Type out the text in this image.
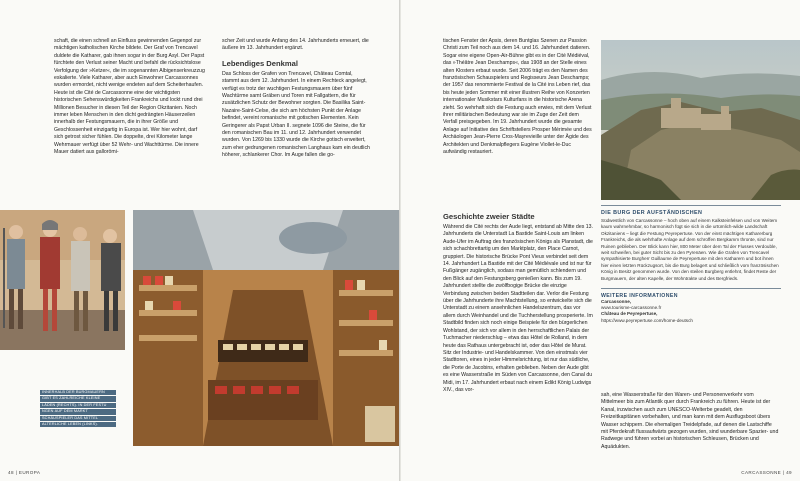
schaft, die einen schnell an Einfluss gewinnenden Gegenpol zur mächtigen katholischen Kirche bildete. Der Graf von Trencavel duldete die Katharer, gab ihnen sogar in der Burg Asyl. Der Papst fürchtete den Verlust seiner Macht und befahl die rücksichtslose Verfolgung der »Ketzer«, die im sogenannten Albigenserkreuzzug eskalierte. Viele Katharer, aber auch Einwohner Carcassonnes wurden ermordet, nicht wenige endeten auf dem Scheiterhaufen. Heute ist die Cité de Carcassonne eine der wichtigsten historischen Sehenswürdigkeiten Frankreichs und lockt rund drei Millionen Besucher in diesen Teil der Region Okzitanien. Noch immer leben Menschen in den dicht gedrängten Häuserzeilen innerhalb der Festungsmauern, die in ihrer Größe und Geschlossenheit einzigartig in Europa ist. Wer hier wohnt, darf sich getrost sicher fühlen. Die doppelte, drei Kilometer lange Wehrmauer verfügt über 52 Wehr- und Wachttürme. Die innere Mauer datiert aus gallorömi-

scher Zeit und wurde Anfang des 14. Jahrhunderts erneuert, die äußere im 13. Jahrhundert ergänzt.

Lebendiges Denkmal

Das Schloss der Grafen von Trencavel, Château Comtal, stammt aus dem 12. Jahrhundert. In einem Rechteck angelegt, verfügt es trotz der wuchtigen Festungsmauern über fünf Wachtürme samt Gräben und Toren mit Fallgattern, die für zusätzlichen Schutz der Bewohner sorgten. Die Basilika Saint-Nazaire-Saint-Celse, die sich am höchsten Punkt der Anlage befindet, vereint romanische mit gotischen Elementen. Kein Geringerer als Papst Urban II. segnete 1096 die Steine, die für den romanischen Bau im 11. und 12. Jahrhundert verwendet wurden. Von 1269 bis 1330 wurde die Kirche gotisch erweitert, zum eher gedrungenen romanischen Langhaus kam ein deutlich höherer, schlankerer Chor. Im Auge fallen die go-

INNERHALB DER BURGMAUERN
GIBT ES ZAHLREICHE KLEINE
LÄDEN (RECHTS). IN DER FESTU
NGEN AUF DEM MARKT
SCHÄUSPIELER DAS MITTEL
ALTERLICHE LEBEN (LINKS).
48 | EUROPA

tischen Fenster der Apsis, deren Buntglas Szenen zur Passion Christi zum Teil noch aus dem 14. und 16. Jahrhundert datieren. Sogar eine eigene Open-Air-Bühne gibt es in der Cité Médiéval, das »Théâtre Jean Deschamps«, das 1908 an der Stelle eines alten Klosters erbaut wurde. Seit 2006 trägt es den Namen des französischen Schauspielers und Regisseurs Jean Deschamps; der 1957 das renommierte Festival de la Cité ins Leben rief, das bis heute jeden Sommer mit einer illustren Reihe von Konzerten internationaler Musikstars Kulturfans in die historische Arena zieht. So wehrhaft sich die Festung auch erwies, mit dem Verlust ihrer militärischen Bedeutung war sie im Zuge der Zeit dem Verfall preisgegeben. Im 19. Jahrhundert wurde die gesamte Anlage auf Initiative des Schriftstellers Prosper Mérimée und des Archäologen Jean-Pierre Cros-Mayrevieille unter der Ägide des Architekten und Denkmalpflegers Eugène Viollet-le-Duc aufwändig restauriert.

Geschichte zweier Städte

Während die Cité rechts der Aude liegt, entstand ab Mitte des 13. Jahrhunderts die Unterstadt La Bastide Saint-Louis am linken Aude-Ufer im Auftrag des französischen Königs als Planstadt, die sich schachbrettartig um den Marktplatz, den Place Carnot, gruppiert. Die historische Brücke Pont Vieux verbindet seit dem 14. Jahrhundert La Bastide mit der Cité Médiévale und ist nur für Fußgänger zugänglich, sodass man gemütlich schlendern und den Blick auf den Festungsberg genießen kann. Bis zum 19. Jahrhundert stellte die zwölfbogige Brücke die einzige Verbindung zwischen beiden Stadtteilen dar. Verlor die Festung über die Jahrhunderte ihre Machtstellung, so entwickelte sich die Unterstadt zu einem ansehnlichen Handelszentrum, das vor allem durch Weinhandel und die Tuchherstellung prosperierte. Im Stadtbild finden sich noch einige Beispiele für den bürgerlichen Wohlstand, der sich vor allem in den herrschaftlichen Palais der Tuchmacher niederschlug – etwa das Hôtel de Rolland, in dem heute das Rathaus untergebracht ist, oder das Hôtel de Murat. Sitz der Industrie- und Handelskammer. Von den einstmals vier Stadttoren, eines in jeder Himmelsrichtung, ist nur das südliche, die Porte de Jacobins, erhalten geblieben. Neben der Aude gibt es eine Wasserstraße im Süden von Carcassonne, den Canal du Midi, im 17. Jahrhundert erbaut nach einem Edikt König Ludwigs XIV., das vor-

DIE BURG DER AUFSTÄNDISCHEN
Südwestlich von Carcassonne – hoch oben auf einem Kalksteinfelsen und von Weitem kaum wahrnehmbar, so harmonisch fügt sie sich in die urtümlich-wilde Landschaft Okzitaniens – liegt die Festung Peyrepertuse. Von der einst mächtigen Katharerburg Frankreichs, die als wehrhafte Anlage auf dem schroffen Bergkamm thronte, sind nur Ruinen geblieben. Der Blick kann hier, 800 Meter über dem Tal der Flusses Verdouble, weit schweifen, bei guter Sicht bis zu den Pyrenäen. Wie die Grafen von Trencavel sympathisierte Burgherr Guillaume de Peyrepertuse mit den Katharern und bot ihnen hier einen letzten Rückzugsort, bis die Burg belagert und schließlich vom französischen König in Besitz genommen wurde. Von den steilen Burgberg entlehnt, findet Reste der Burgmauern, der alten Kapelle, der Wohntrakte und des Bergfrieds.
WEITERE INFORMATIONEN
Carcassonne,
www.tourisme-carcassonne.fr
Château de Peyrepertuse,
https://www.peyrepertuse.com/home-deutsch

sah, eine Wasserstraße für den Waren- und Personenverkehr vom Mittelmeer bis zum Atlantik quer durch Frankreich zu führen. Heute ist der Kanal, inzwischen auch zum UNESCO-Welterbe geadelt, den Freizeitkapitänen vorbehalten, und man kann mit dem Ausflugsboot übers Wasser schippern. Die ehemaligen Treidelpfade, auf denen die Lastschiffe mit Pferdekraft flussaufwärts gezogen wurden, sind wunderbare Spazier- und Radwege und führen vorbei an historischen Schleusen, Brücken und Aquädukten.

CARCASSONNE | 49
